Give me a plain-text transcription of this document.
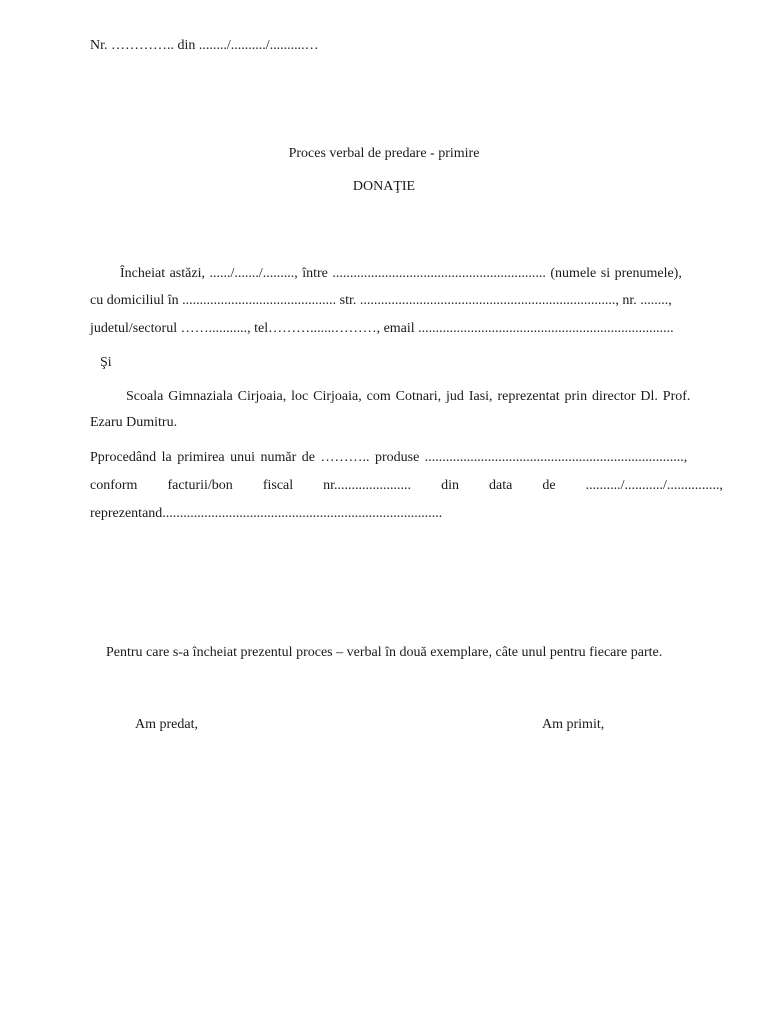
Nr. ………….. din ......../........../..........…
Proces verbal de predare - primire
DONAŢIE
Încheiat astăzi, ....../......./........., între ............................................................. (numele si prenumele),
cu domiciliul în ............................................ str. ........................................................................., nr. ........,
judetul/sectorul ……..........., tel……….......………, email .........................................................................
Şi
Scoala Gimnaziala Cirjoaia, loc Cirjoaia, com Cotnari, jud Iasi, reprezentat prin director Dl. Prof.
Ezaru Dumitru.
Pprocedând la primirea unui număr de ……….. produse ..........................................................................,
conform facturii/bon fiscal nr...................... din data de ........../.........../...............,
reprezentand................................................................................
Pentru care s-a încheiat prezentul proces – verbal în două exemplare, câte unul pentru fiecare parte.
Am predat,	Am primit,
